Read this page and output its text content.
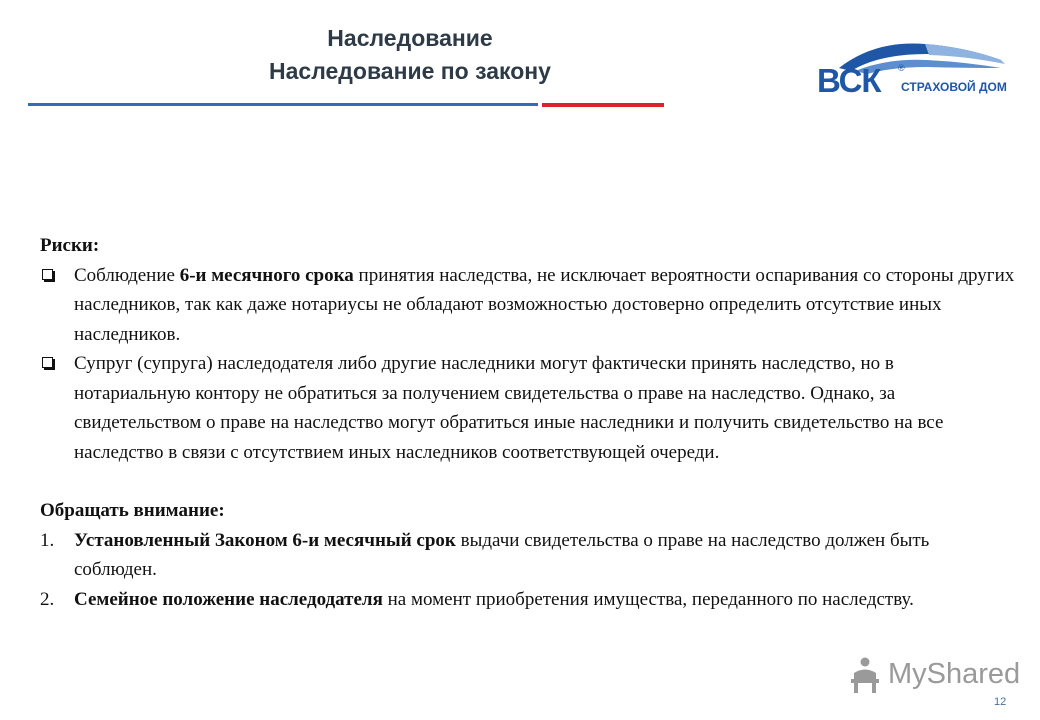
Наследование
Наследование по закону	ВСК ®
СТРАХОВОЙ ДОМ

Риски:

Соблюдение 6-и месячного срока принятия наследства, не исключает вероятности оспаривания со стороны других наследников, так как даже нотариусы не обладают возможностью достоверно определить отсутствие иных наследников.

Супруг (супруга) наследодателя либо другие наследники могут фактически принять наследство, но в нотариальную контору не обратиться за получением свидетельства о праве на наследство. Однако, за свидетельством о праве на наследство могут обратиться иные наследники и получить свидетельство на все наследство в связи с отсутствием иных наследников соответствующей очереди.

Обращать внимание:

1. Установленный Законом 6-и месячный срок выдачи свидетельства о праве на наследство должен быть соблюден.

2. Семейное положение наследодателя на момент приобретения имущества, переданного по наследству.

MyShared
12
